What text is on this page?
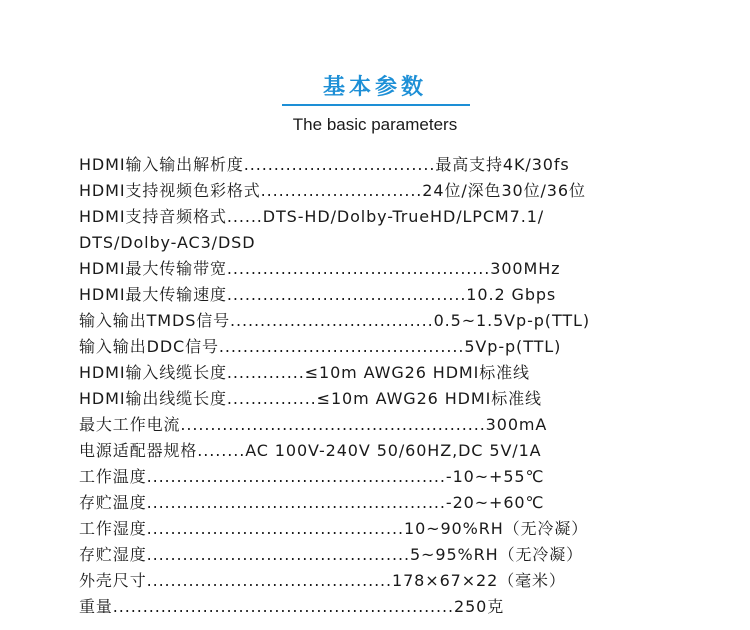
基本参数
The basic parameters
HDMI输入输出解析度................................最高支持4K/30fs
HDMI支持视频色彩格式...........................24位/深色30位/36位
HDMI支持音频格式......DTS-HD/Dolby-TrueHD/LPCM7.1/
DTS/Dolby-AC3/DSD
HDMI最大传输带宽............................................300MHz
HDMI最大传输速度........................................10.2 Gbps
输入输出TMDS信号..................................0.5~1.5Vp-p(TTL)
输入输出DDC信号.........................................5Vp-p(TTL)
HDMI输入线缆长度.............≤10m AWG26 HDMI标准线
HDMI输出线缆长度...............≤10m AWG26 HDMI标准线
最大工作电流...................................................300mA
电源适配器规格........AC 100V-240V 50/60HZ,DC 5V/1A
工作温度..................................................-10~+55℃
存贮温度..................................................-20~+60℃
工作湿度...........................................10~90%RH（无冷凝）
存贮湿度............................................5~95%RH（无冷凝）
外壳尺寸.........................................178×67×22（毫米）
重量.........................................................250克
